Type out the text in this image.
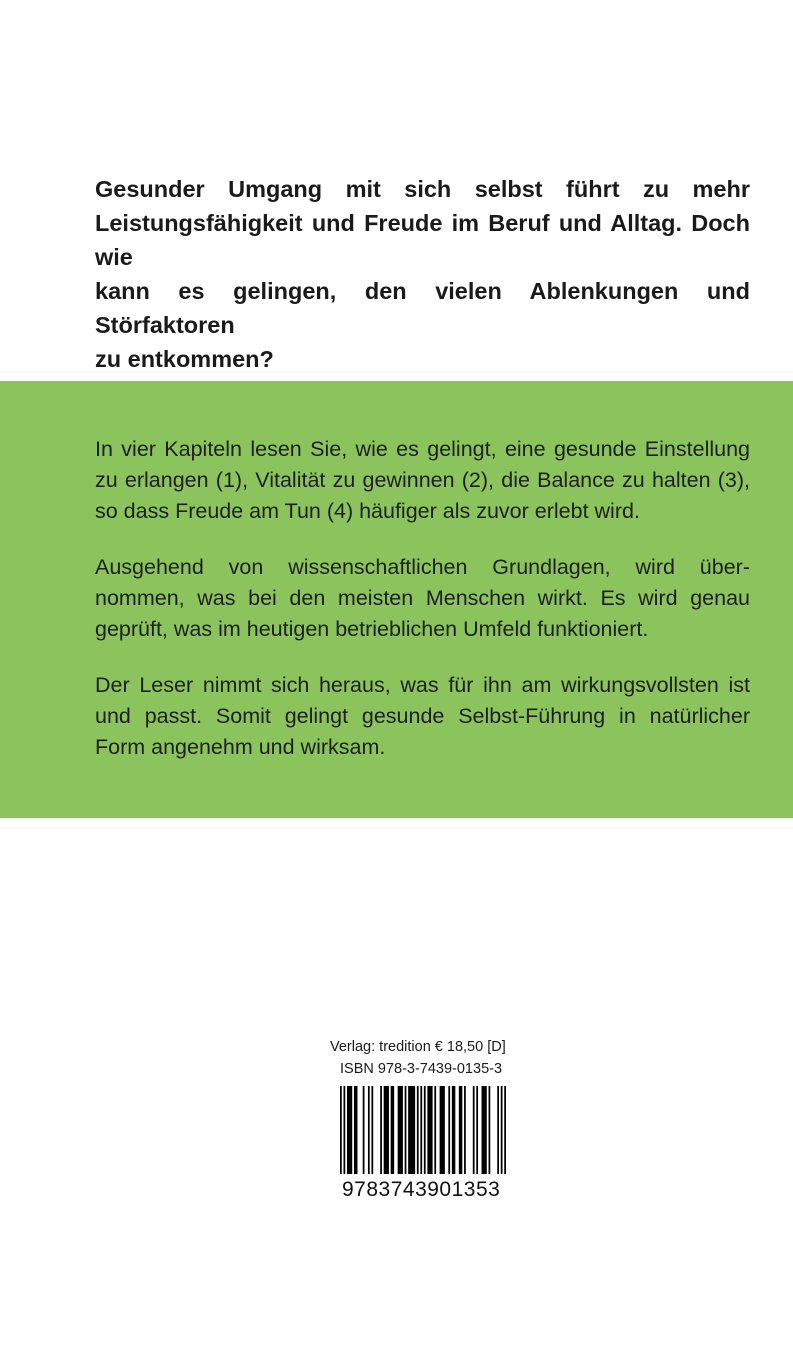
Gesunder Umgang mit sich selbst führt zu mehr
Leistungsfähigkeit und Freude im Beruf und Alltag. Doch wie
kann es gelingen, den vielen Ablenkungen und Störfaktoren
zu entkommen?

In vier Kapiteln lesen Sie, wie es gelingt, eine gesunde Einstellung
zu erlangen (1), Vitalität zu gewinnen (2), die Balance zu halten (3),
so dass Freude am Tun (4) häufiger als zuvor erlebt wird.

Ausgehend von wissenschaftlichen Grundlagen, wird über-
nommen, was bei den meisten Menschen wirkt. Es wird genau
geprüft, was im heutigen betrieblichen Umfeld funktioniert.

Der Leser nimmt sich heraus, was für ihn am wirkungsvollsten ist
und passt. Somit gelingt gesunde Selbst-Führung in natürlicher
Form angenehm und wirksam.

Verlag: tredition € 18,50 [D]
ISBN 978-3-7439-0135-3
9783743901353
